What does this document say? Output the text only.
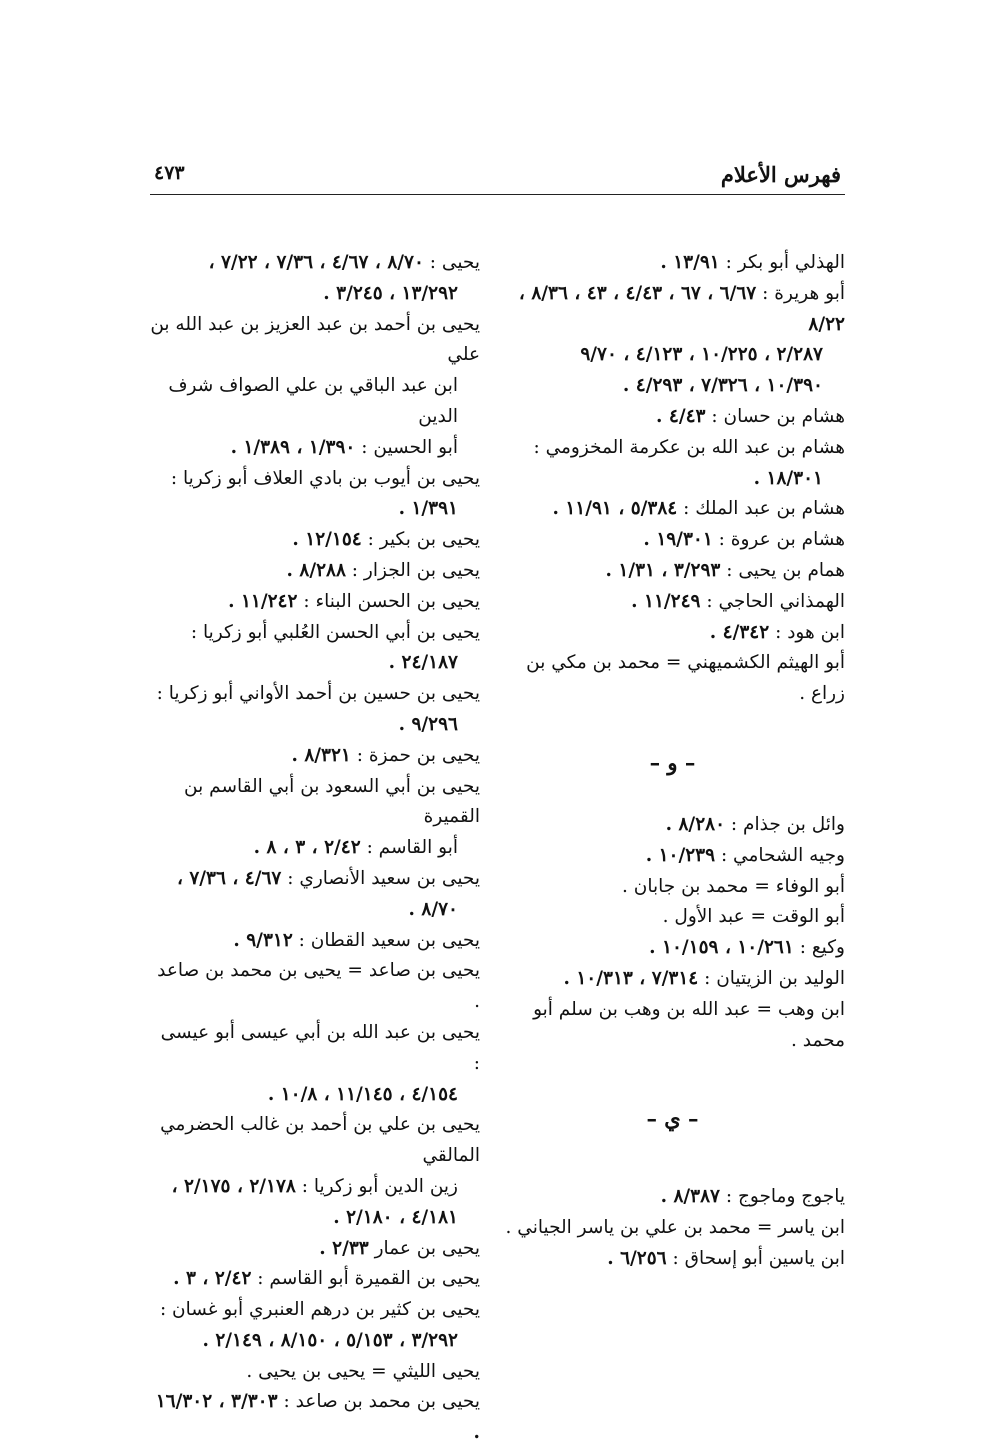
فهرس الأعلام
٤٧٣
الهذلي أبو بكر : ١٣/٩١ .
أبو هريرة : ٦/٦٧ ، ٦٧ ، ٤/٤٣ ، ٤٣ ، ٨/٣٦ ، ٨/٢٢
٢/٢٨٧ ، ١٠/٢٢٥ ، ٤/١٢٣ ، ٩/٧٠
١٠/٣٩٠ ، ٧/٣٢٦ ، ٤/٢٩٣ .
هشام بن حسان : ٤/٤٣ .
هشام بن عبد الله بن عكرمة المخزومي :
١٨/٣٠١ .
هشام بن عبد الملك : ٥/٣٨٤ ، ١١/٩١ .
هشام بن عروة : ١٩/٣٠١ .
همام بن يحيى : ٣/٢٩٣ ، ١/٣١ .
الهمذاني الحاجي : ١١/٢٤٩ .
ابن هود : ٤/٣٤٢ .
أبو الهيثم الكشميهني = محمد بن مكي بن زراع .
– و –
وائل بن جذام : ٨/٢٨٠ .
وجيه الشحامي : ١٠/٢٣٩ .
أبو الوفاء = محمد بن جابان .
أبو الوقت = عبد الأول .
وكيع : ١٠/٢٦١ ، ١٠/١٥٩ .
الوليد بن الزيتيان : ٧/٣١٤ ، ١٠/٣١٣ .
ابن وهب = عبد الله بن وهب بن سلم أبو محمد .
– ي –
ياجوج وماجوج : ٨/٣٨٧ .
ابن ياسر = محمد بن علي بن ياسر الجياني .
ابن ياسين أبو إسحاق : ٦/٢٥٦ .
يحيى : ٨/٧٠ ، ٤/٦٧ ، ٧/٣٦ ، ٧/٢٢ ،
١٣/٢٩٢ ، ٣/٢٤٥ .
يحيى بن أحمد بن عبد العزيز بن عبد الله بن علي
ابن عبد الباقي بن علي الصواف شرف الدين
أبو الحسين : ١/٣٩٠ ، ١/٣٨٩ .
يحيى بن أيوب بن بادي العلاف أبو زكريا :
١/٣٩١ .
يحيى بن بكير : ١٢/١٥٤ .
يحيى بن الجزار : ٨/٢٨٨ .
يحيى بن الحسن البناء : ١١/٢٤٢ .
يحيى بن أبي الحسن العُلبي أبو زكريا :
٢٤/١٨٧ .
يحيى بن حسين بن أحمد الأواني أبو زكريا :
٩/٢٩٦ .
يحيى بن حمزة : ٨/٣٢١ .
يحيى بن أبي السعود بن أبي القاسم بن القميرة
أبو القاسم : ٢/٤٢ ، ٣ ، ٨ .
يحيى بن سعيد الأنصاري : ٤/٦٧ ، ٧/٣٦ ،
٨/٧٠ .
يحيى بن سعيد القطان : ٩/٣١٢ .
يحيى بن صاعد = يحيى بن محمد بن صاعد .
يحيى بن عبد الله بن أبي عيسى أبو عيسى :
٤/١٥٤ ، ١١/١٤٥ ، ١٠/٨ .
يحيى بن علي بن أحمد بن غالب الحضرمي المالقي
زين الدين أبو زكريا : ٢/١٧٨ ، ٢/١٧٥ ،
٤/١٨١ ، ٢/١٨٠ .
يحيى بن عمار ٢/٣٣ .
يحيى بن القميرة أبو القاسم : ٢/٤٢ ، ٣ .
يحيى بن كثير بن درهم العنبري أبو غسان :
٣/٢٩٢ ، ٥/١٥٣ ، ٨/١٥٠ ، ٢/١٤٩ .
يحيى الليثي = يحيى بن يحيى .
يحيى بن محمد بن صاعد : ٣/٣٠٣ ، ١٦/٣٠٢ .
